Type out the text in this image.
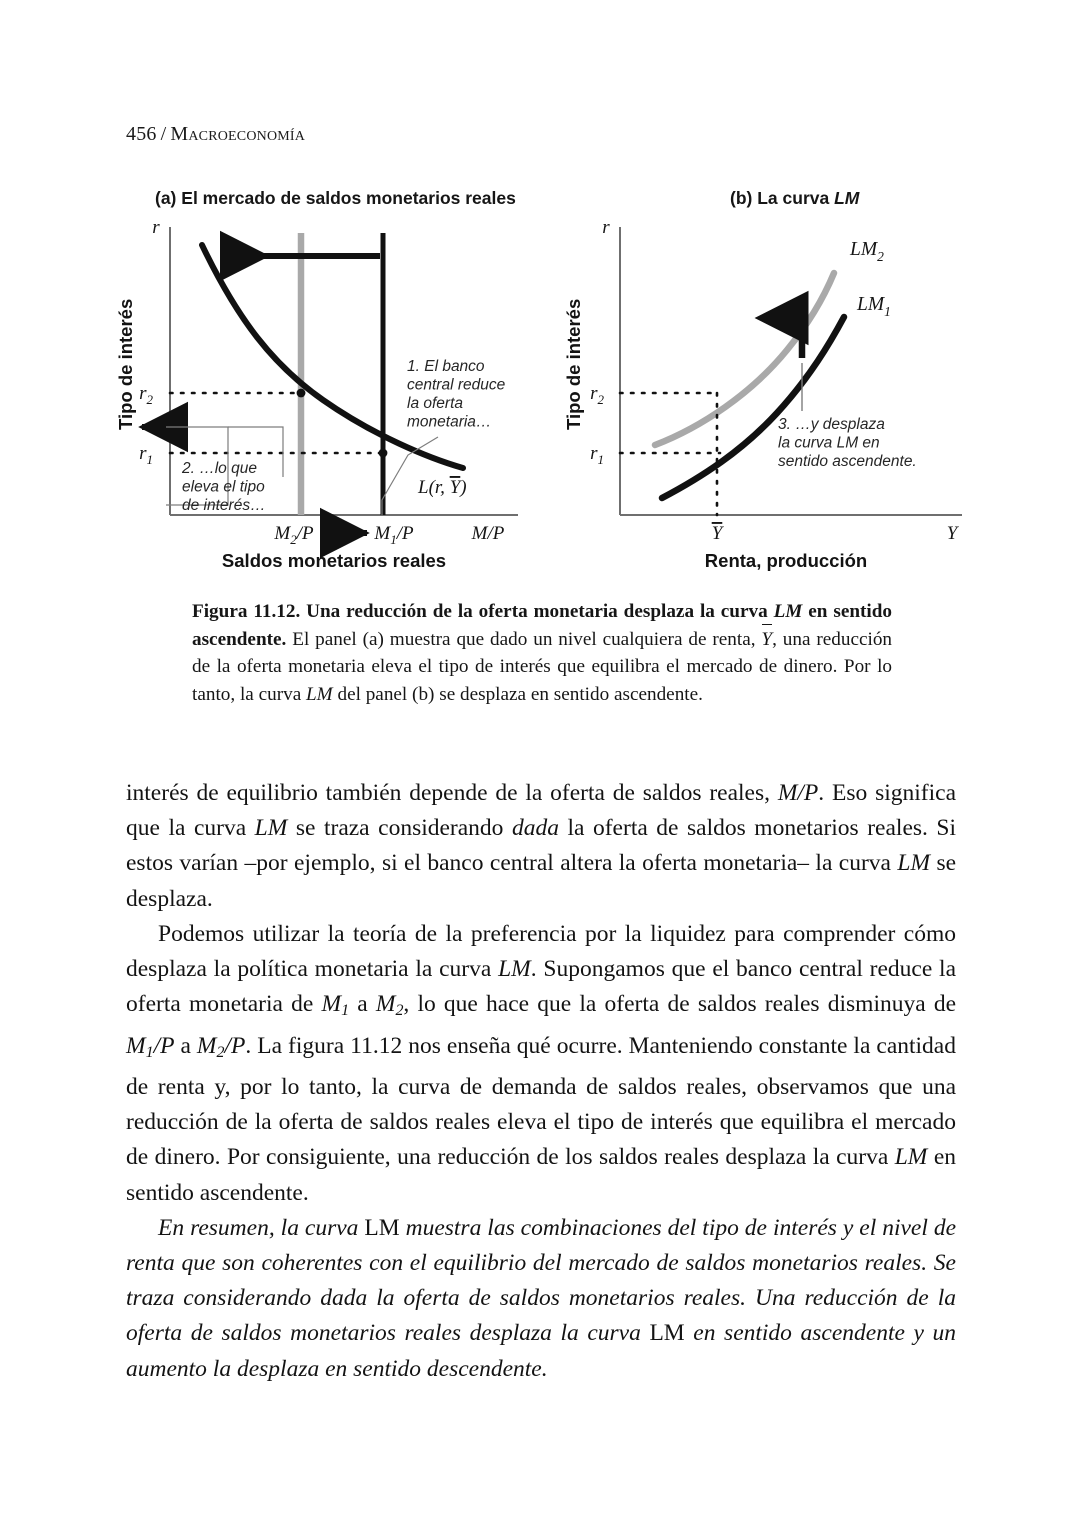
456 / Macroeconomía
(a) El mercado de saldos monetarios reales	(b) La curva LM
r
Tipo de interés $r_2$
$r_1$
1. El banco central reduce la oferta monetaria…
2. …lo que eleva el tipo de interés…
L(r, Y)
$M_2/P$	$M_1/P$	M/P
Saldos monetarios reales
r
Tipo de interés $r_2$
$r_1$
$LM_2$
$LM_1$
3. …y desplaza la curva LM en sentido ascendente.
Y	Y
Renta, producción
Figura 11.12. Una reducción de la oferta monetaria desplaza la curva LM en sentido ascendente. El panel (a) muestra que dado un nivel cualquiera de renta, Y, una reducción de la oferta monetaria eleva el tipo de interés que equilibra el mercado de dinero. Por lo tanto, la curva LM del panel (b) se desplaza en sentido ascendente.

interés de equilibrio también depende de la oferta de saldos reales, M/P. Eso significa que la curva LM se traza considerando dada la oferta de saldos monetarios reales. Si estos varían –por ejemplo, si el banco central altera la oferta monetaria– la curva LM se desplaza.

Podemos utilizar la teoría de la preferencia por la liquidez para comprender cómo desplaza la política monetaria la curva LM. Supongamos que el banco central reduce la oferta monetaria de $M_1$ a $M_2$, lo que hace que la oferta de saldos reales disminuya de $M_1/P$ a $M_2/P$. La figura 11.12 nos enseña qué ocurre. Manteniendo constante la cantidad de renta y, por lo tanto, la curva de demanda de saldos reales, observamos que una reducción de la oferta de saldos reales eleva el tipo de interés que equilibra el mercado de dinero. Por consiguiente, una reducción de los saldos reales desplaza la curva LM en sentido ascendente.

En resumen, la curva LM muestra las combinaciones del tipo de interés y el nivel de renta que son coherentes con el equilibrio del mercado de saldos monetarios reales. Se traza considerando dada la oferta de saldos monetarios reales. Una reducción de la oferta de saldos monetarios reales desplaza la curva LM en sentido ascendente y un aumento la desplaza en sentido descendente.
